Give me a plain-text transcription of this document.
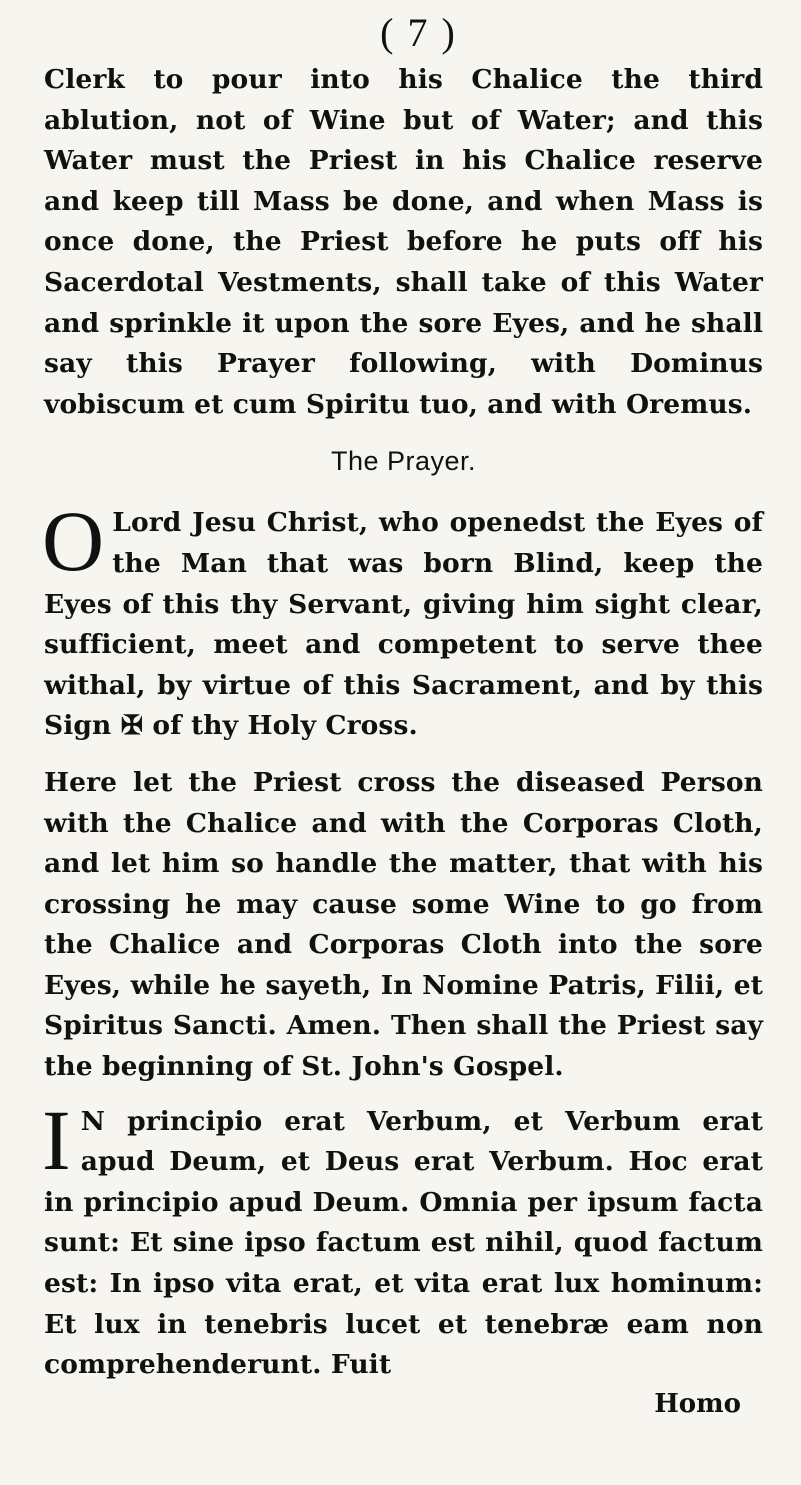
( 7 )

Clerk to pour into his Chalice the third ablution, not of Wine but of Water; and this Water must the Priest in his Chalice reserve and keep till Mass be done, and when Mass is once done, the Priest before he puts off his Sacerdotal Vestments, shall take of this Water and sprinkle it upon the sore Eyes, and he shall say this Prayer following, with Dominus vobiscum et cum Spiritu tuo, and with Oremus.

The Prayer.

O Lord Jesu Christ, who openedst the Eyes of the Man that was born Blind, keep the Eyes of this thy Servant, giving him sight clear, sufficient, meet and competent to serve thee withal, by virtue of this Sacrament, and by this Sign ✠ of thy Holy Cross.

Here let the Priest cross the diseased Person with the Chalice and with the Corporas Cloth, and let him so handle the matter, that with his crossing he may cause some Wine to go from the Chalice and Corporas Cloth into the sore Eyes, while he sayeth, In Nomine Patris, Filii, et Spiritus Sancti. Amen. Then shall the Priest say the beginning of St. John's Gospel.

I N principio erat Verbum, et Verbum erat apud Deum, et Deus erat Verbum. Hoc erat in principio apud Deum. Omnia per ipsum facta sunt: Et sine ipso factum est nihil, quod factum est: In ipso vita erat, et vita erat lux hominum: Et lux in tenebris lucet et tenebræ eam non comprehenderunt. Fuit

Homo
